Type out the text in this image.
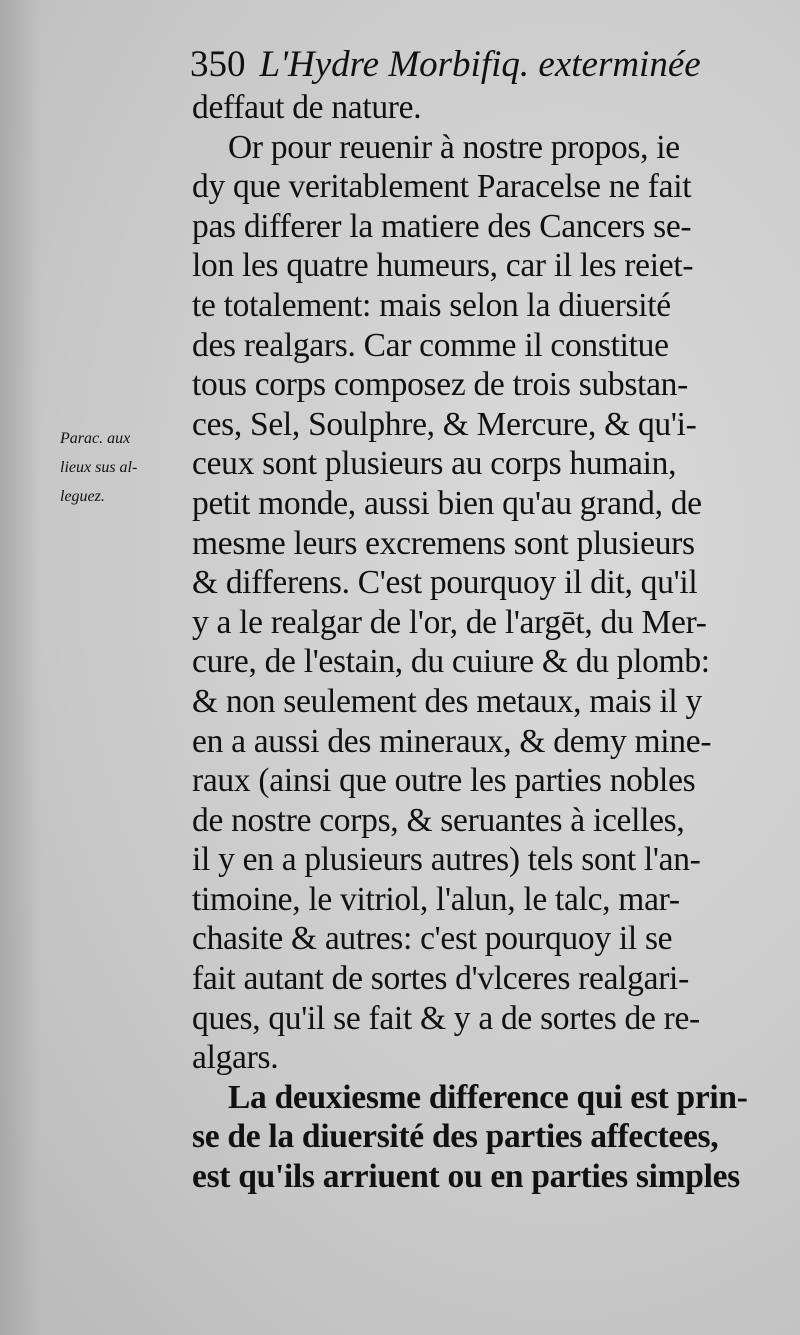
350 L'Hydre Morbifiq. exterminée
Parac. aux
lieux sus al-
leguez.
deffaut de nature.
Or pour reuenir à nostre propos, ie
dy que veritablement Paracelse ne fait
pas differer la matiere des Cancers se-
lon les quatre humeurs, car il les reiet-
te totalement: mais selon la diuersité
des realgars. Car comme il constitue
tous corps composez de trois substan-
ces, Sel, Soulphre, & Mercure, & qu'i-
ceux sont plusieurs au corps humain,
petit monde, aussi bien qu'au grand, de
mesme leurs excremens sont plusieurs
& differens. C'est pourquoy il dit, qu'il
y a le realgar de l'or, de l'argēt, du Mer-
cure, de l'estain, du cuiure & du plomb:
& non seulement des metaux, mais il y
en a aussi des mineraux, & demy mine-
raux (ainsi que outre les parties nobles
de nostre corps, & seruantes à icelles,
il y en a plusieurs autres) tels sont l'an-
timoine, le vitriol, l'alun, le talc, mar-
chasite & autres: c'est pourquoy il se
fait autant de sortes d'vlceres realgari-
ques, qu'il se fait & y a de sortes de re-
algars.
La deuxiesme difference qui est prin-
se de la diuersité des parties affectees,
est qu'ils arriuent ou en parties simples
